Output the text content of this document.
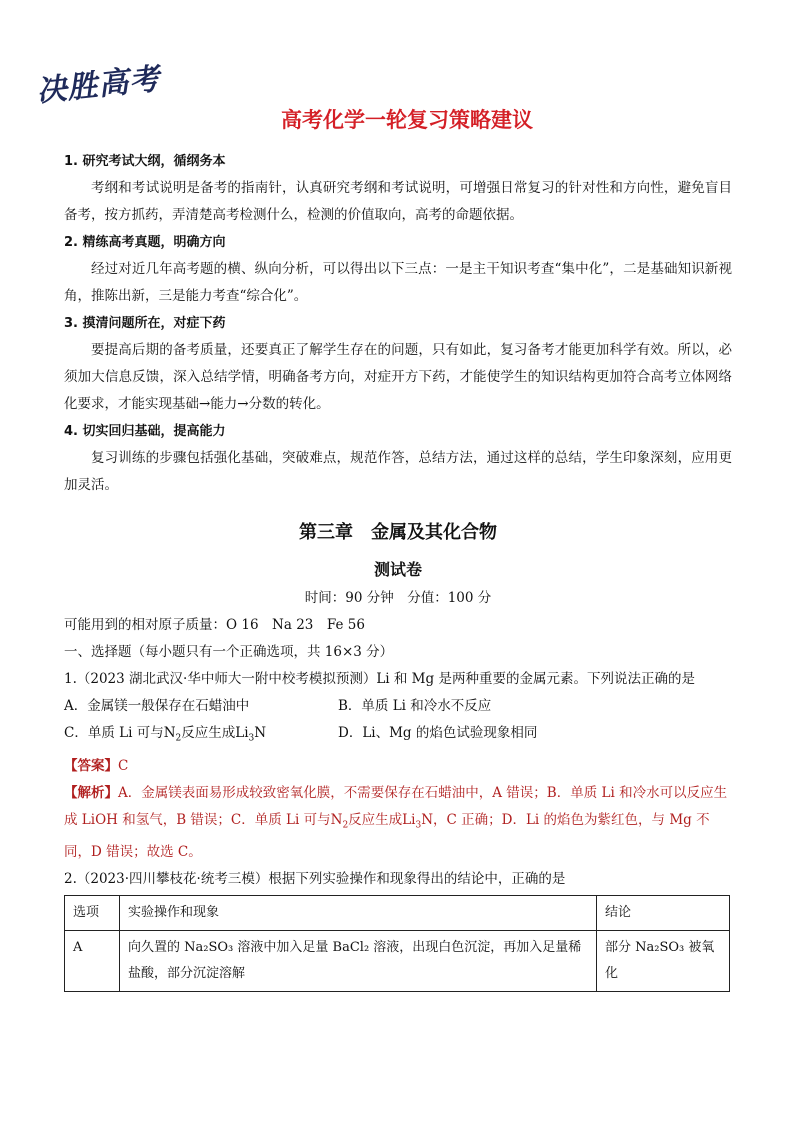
决胜高考
高考化学一轮复习策略建议

1. 研究考试大纲，循纲务本

考纲和考试说明是备考的指南针，认真研究考纲和考试说明，可增强日常复习的针对性和方向性，避免盲目备考，按方抓药，弄清楚高考检测什么，检测的价值取向，高考的命题依据。

2. 精练高考真题，明确方向

经过对近几年高考题的横、纵向分析，可以得出以下三点：一是主干知识考查“集中化”，二是基础知识新视角，推陈出新，三是能力考查“综合化”。

3. 摸清问题所在，对症下药

要提高后期的备考质量，还要真正了解学生存在的问题，只有如此，复习备考才能更加科学有效。所以，必须加大信息反馈，深入总结学情，明确备考方向，对症开方下药，才能使学生的知识结构更加符合高考立体网络化要求，才能实现基础→能力→分数的转化。

4. 切实回归基础，提高能力

复习训练的步骤包括强化基础，突破难点，规范作答，总结方法，通过这样的总结，学生印象深刻，应用更加灵活。

第三章　金属及其化合物

测试卷

时间：90 分钟　分值：100 分

可能用到的相对原子质量：O 16　Na 23　Fe 56

一、选择题（每小题只有一个正确选项，共 16×3 分）

1.（2023 湖北武汉·华中师大一附中校考模拟预测）Li 和 Mg 是两种重要的金属元素。下列说法正确的是

A．金属镁一般保存在石蜡油中	B．单质 Li 和冷水不反应
C．单质 Li 可与$N_2$反应生成$Li_3N$	D．Li、Mg 的焰色试验现象相同

【答案】C

【解析】A．金属镁表面易形成较致密氧化膜，不需要保存在石蜡油中，A 错误；B．单质 Li 和冷水可以反应生成 LiOH 和氢气，B 错误；C．单质 Li 可与$N_2$反应生成$Li_3N$，C 正确；D．Li 的焰色为紫红色，与 Mg 不同，D 错误；故选 C。

2.（2023·四川攀枝花·统考三模）根据下列实验操作和现象得出的结论中，正确的是

选项	实验操作和现象	结论
A	向久置的 Na₂SO₃ 溶液中加入足量 BaCl₂ 溶液，出现白色沉淀，再加入足量稀盐酸，部分沉淀溶解	部分 Na₂SO₃ 被氧化
